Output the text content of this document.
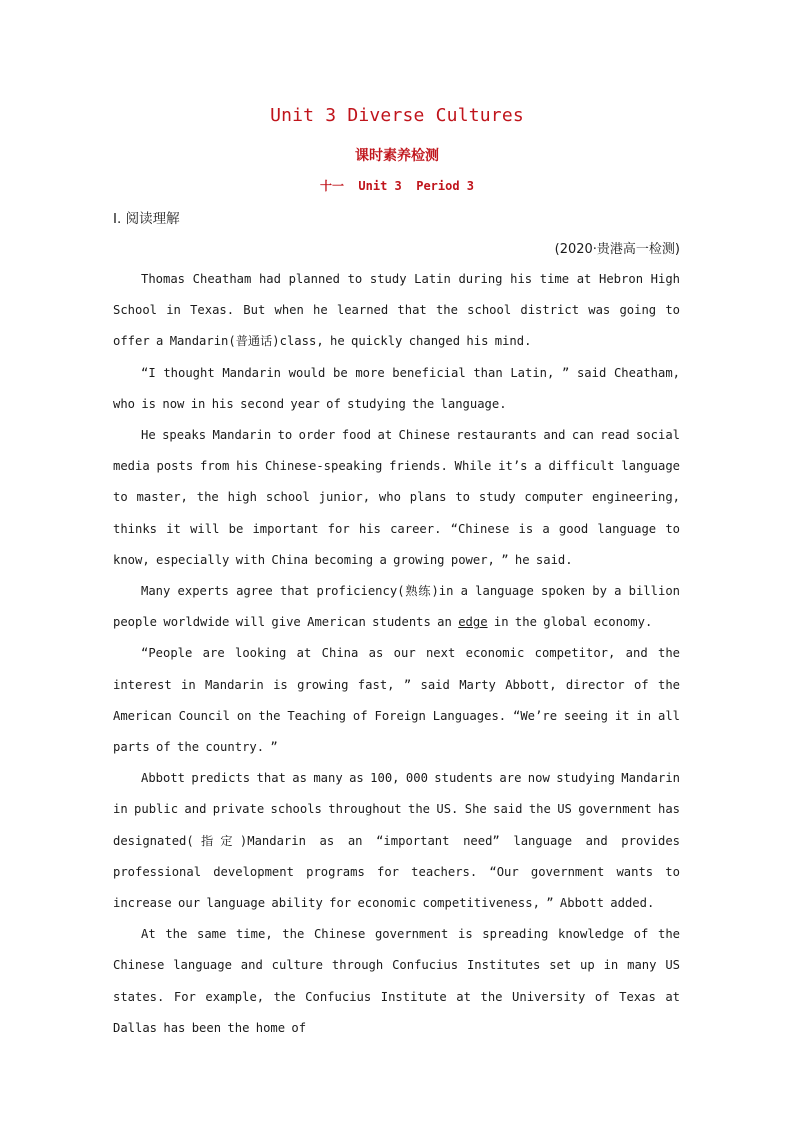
Unit 3 Diverse Cultures
课时素养检测
十一  Unit 3  Period 3
Ⅰ. 阅读理解
(2020·贵港高一检测)

Thomas Cheatham had planned to study Latin during his time at Hebron High School in Texas. But when he learned that the school district was going to offer a Mandarin(普通话)class, he quickly changed his mind.

“I thought Mandarin would be more beneficial than Latin, ” said Cheatham, who is now in his second year of studying the language.

He speaks Mandarin to order food at Chinese restaurants and can read social media posts from his Chinese-speaking friends. While it’s a difficult language to master, the high school junior, who plans to study computer engineering, thinks it will be important for his career. “Chinese is a good language to know, especially with China becoming a growing power, ” he said.

Many experts agree that proficiency(熟练)in a language spoken by a billion people worldwide will give American students an edge in the global economy.

“People are looking at China as our next economic competitor, and the interest in Mandarin is growing fast, ” said Marty Abbott, director of the American Council on the Teaching of Foreign Languages. “We’re seeing it in all parts of the country. ”

Abbott predicts that as many as 100, 000 students are now studying Mandarin in public and private schools throughout the US. She said the US government has designated(指定)Mandarin as an “important need” language and provides professional development programs for teachers. “Our government wants to increase our language ability for economic competitiveness, ” Abbott added.

At the same time, the Chinese government is spreading knowledge of the Chinese language and culture through Confucius Institutes set up in many US states. For example, the Confucius Institute at the University of Texas at Dallas has been the home of
